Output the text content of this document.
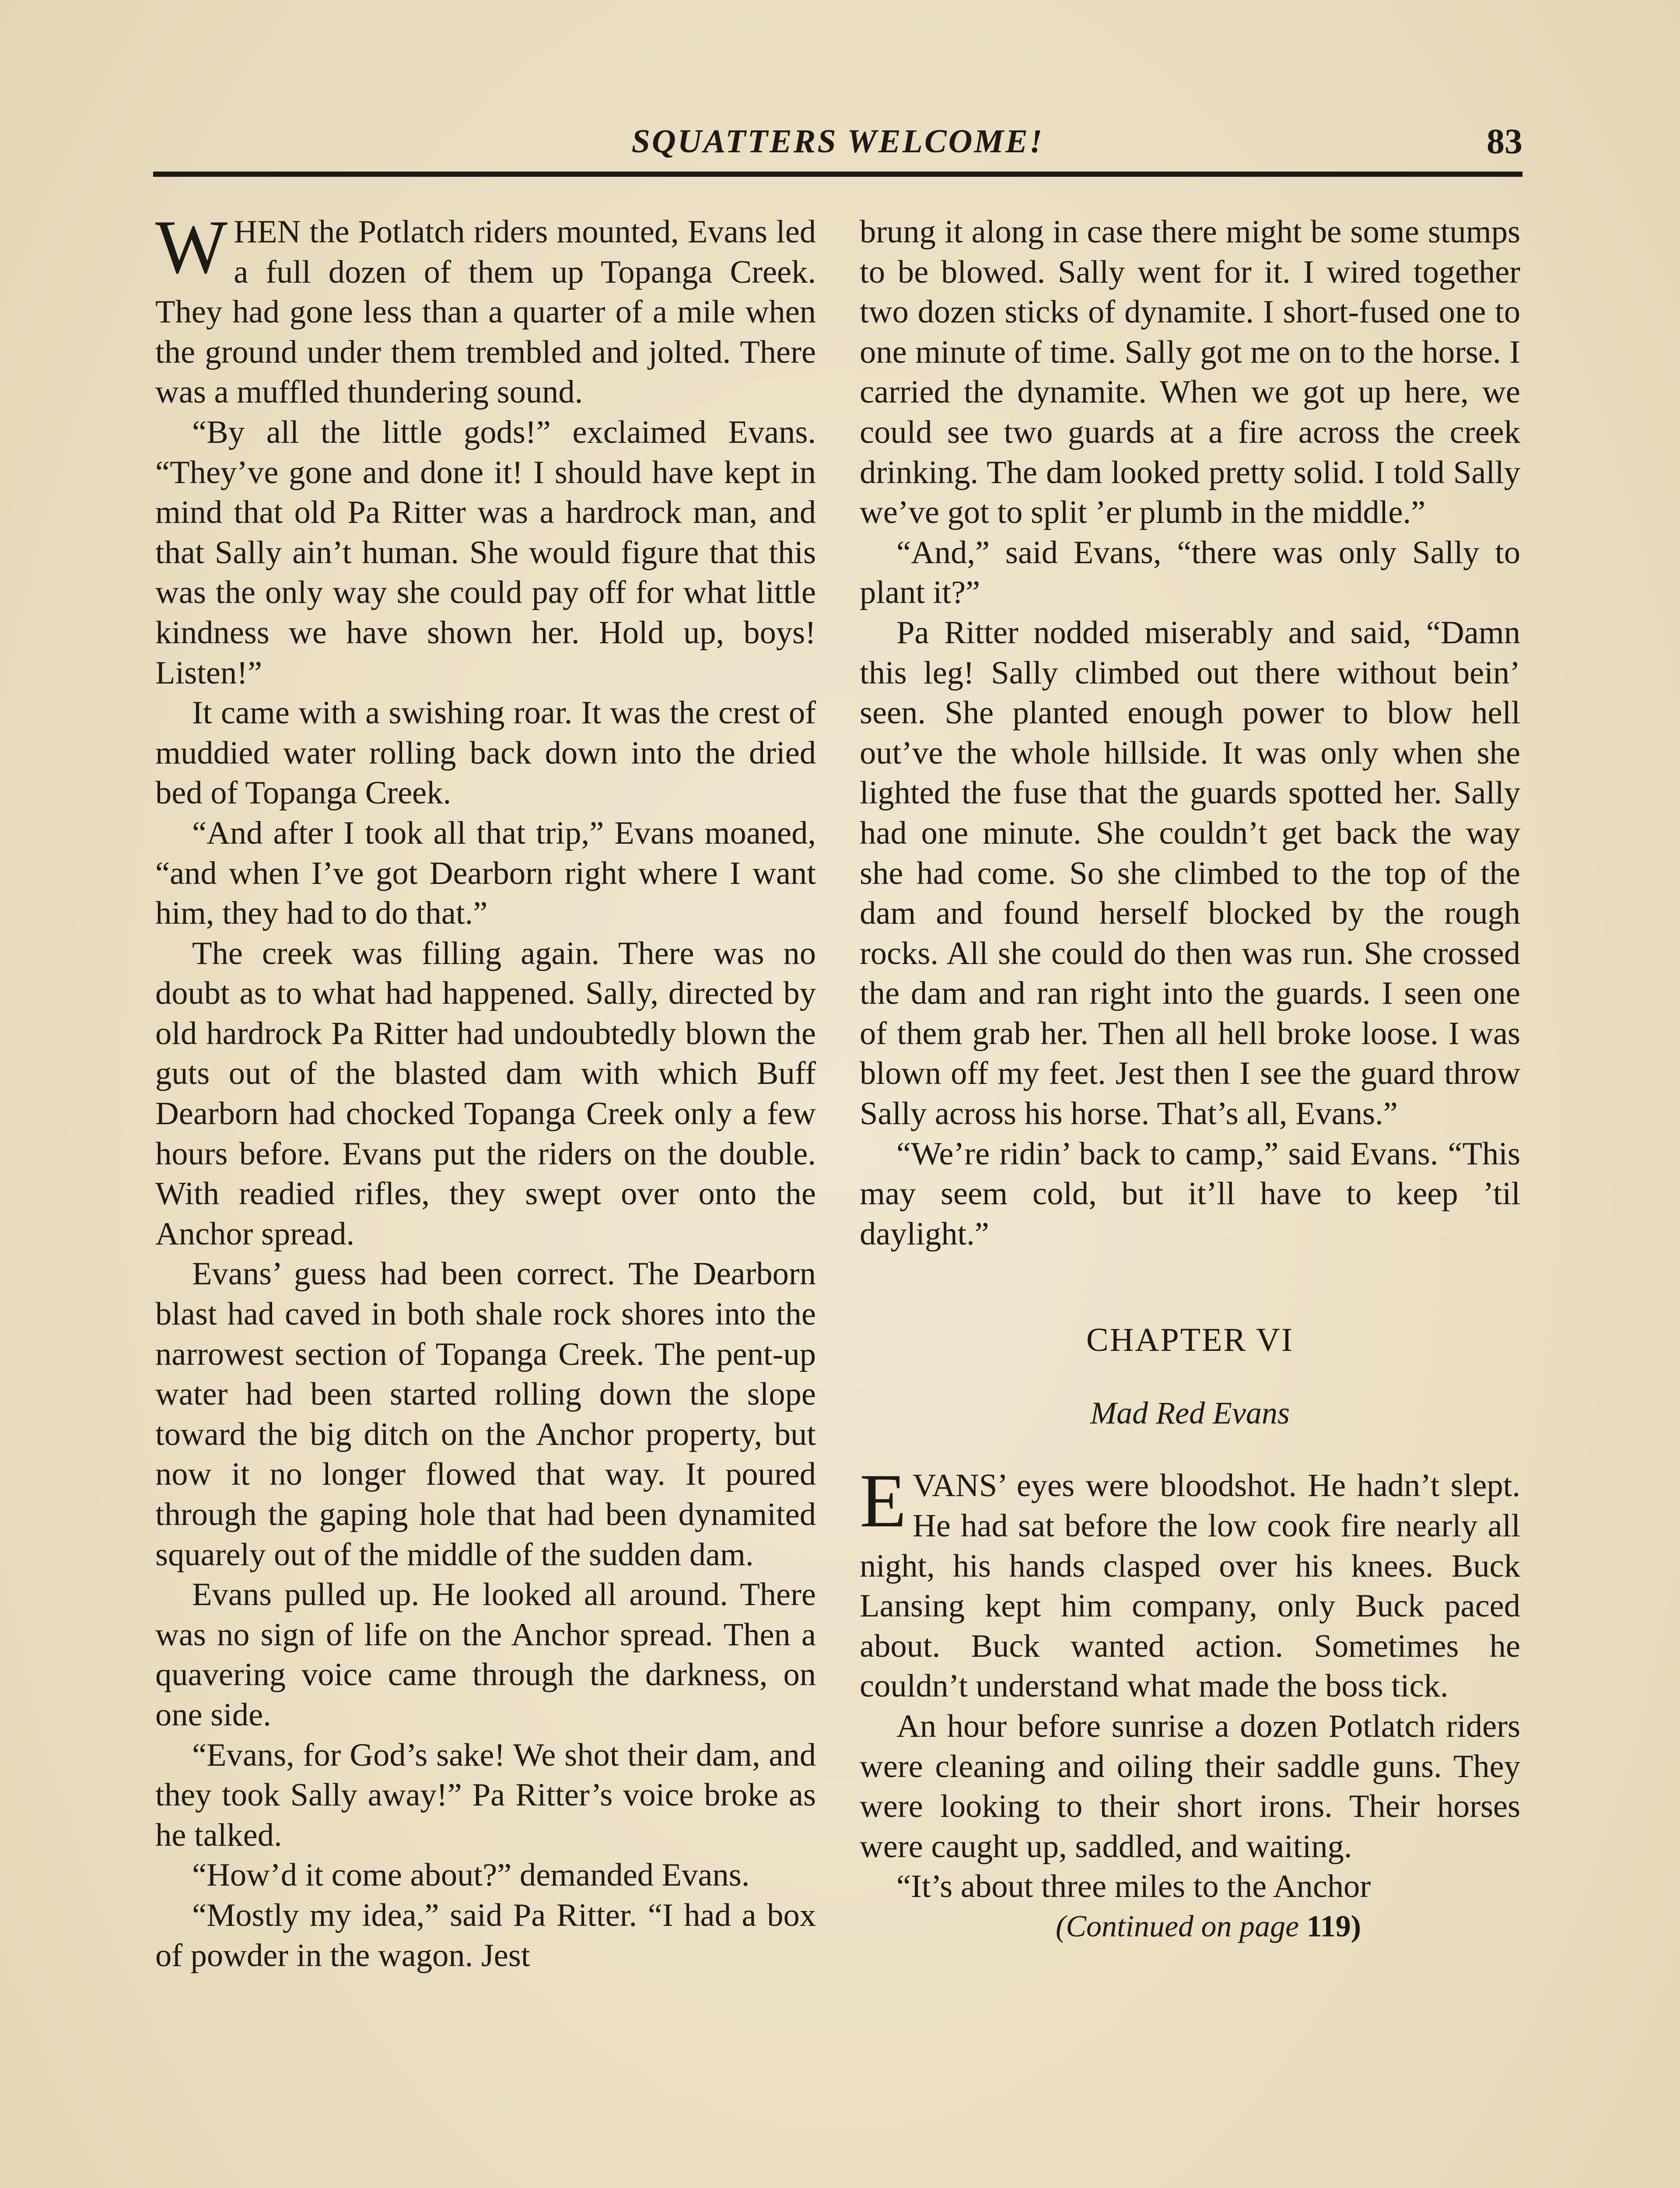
SQUATTERS WELCOME!	83

WHEN the Potlatch riders mounted, Evans led a full dozen of them up Topanga Creek. They had gone less than a quarter of a mile when the ground under them trembled and jolted. There was a muffled thundering sound.

“By all the little gods!” exclaimed Evans. “They’ve gone and done it! I should have kept in mind that old Pa Ritter was a hardrock man, and that Sally ain’t human. She would figure that this was the only way she could pay off for what little kindness we have shown her. Hold up, boys! Listen!”

It came with a swishing roar. It was the crest of muddied water rolling back down into the dried bed of Topanga Creek.

“And after I took all that trip,” Evans moaned, “and when I’ve got Dearborn right where I want him, they had to do that.”

The creek was filling again. There was no doubt as to what had happened. Sally, directed by old hardrock Pa Ritter had undoubtedly blown the guts out of the blasted dam with which Buff Dearborn had chocked Topanga Creek only a few hours before. Evans put the riders on the double. With readied rifles, they swept over onto the Anchor spread.

Evans’ guess had been correct. The Dearborn blast had caved in both shale rock shores into the narrowest section of Topanga Creek. The pent-up water had been started rolling down the slope toward the big ditch on the Anchor property, but now it no longer flowed that way. It poured through the gaping hole that had been dynamited squarely out of the middle of the sudden dam.

Evans pulled up. He looked all around. There was no sign of life on the Anchor spread. Then a quavering voice came through the darkness, on one side.

“Evans, for God’s sake! We shot their dam, and they took Sally away!” Pa Ritter’s voice broke as he talked.

“How’d it come about?” demanded Evans.

“Mostly my idea,” said Pa Ritter. “I had a box of powder in the wagon. Jest

brung it along in case there might be some stumps to be blowed. Sally went for it. I wired together two dozen sticks of dynamite. I short-fused one to one minute of time. Sally got me on to the horse. I carried the dynamite. When we got up here, we could see two guards at a fire across the creek drinking. The dam looked pretty solid. I told Sally we’ve got to split ’er plumb in the middle.”

“And,” said Evans, “there was only Sally to plant it?”

Pa Ritter nodded miserably and said, “Damn this leg! Sally climbed out there without bein’ seen. She planted enough power to blow hell out’ve the whole hillside. It was only when she lighted the fuse that the guards spotted her. Sally had one minute. She couldn’t get back the way she had come. So she climbed to the top of the dam and found herself blocked by the rough rocks. All she could do then was run. She crossed the dam and ran right into the guards. I seen one of them grab her. Then all hell broke loose. I was blown off my feet. Jest then I see the guard throw Sally across his horse. That’s all, Evans.”

“We’re ridin’ back to camp,” said Evans. “This may seem cold, but it’ll have to keep ’til daylight.”

CHAPTER VI
Mad Red Evans

EVANS’ eyes were bloodshot. He hadn’t slept. He had sat before the low cook fire nearly all night, his hands clasped over his knees. Buck Lansing kept him company, only Buck paced about. Buck wanted action. Sometimes he couldn’t understand what made the boss tick.

An hour before sunrise a dozen Potlatch riders were cleaning and oiling their saddle guns. They were looking to their short irons. Their horses were caught up, saddled, and waiting.

“It’s about three miles to the Anchor

(Continued on page 119)
